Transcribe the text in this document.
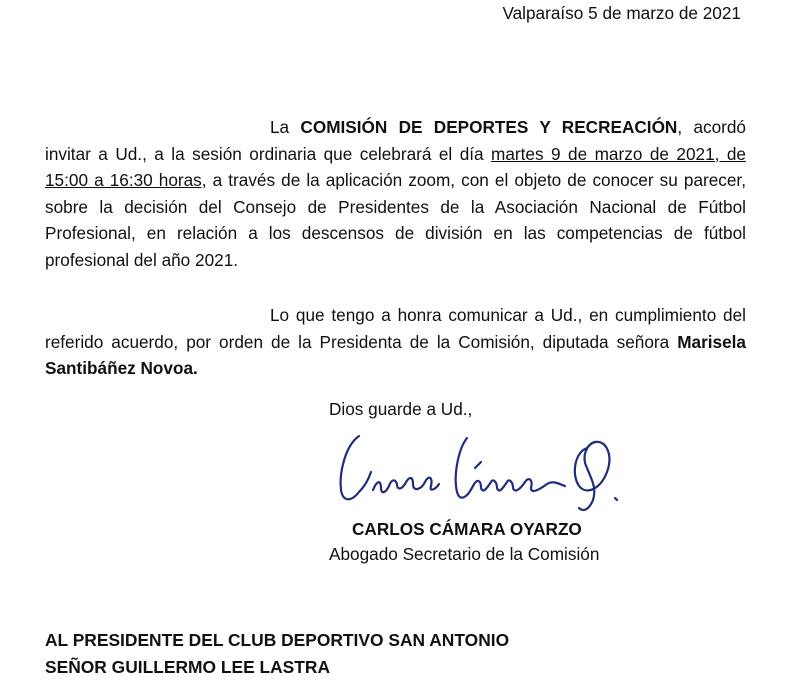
Valparaíso 5 de marzo de 2021
La COMISIÓN DE DEPORTES Y RECREACIÓN, acordó invitar a Ud., a la sesión ordinaria que celebrará el día martes 9 de marzo de 2021, de 15:00 a 16:30 horas, a través de la aplicación zoom, con el objeto de conocer su parecer, sobre la decisión del Consejo de Presidentes de la Asociación Nacional de Fútbol Profesional, en relación a los descensos de división en las competencias de fútbol profesional del año 2021.
Lo que tengo a honra comunicar a Ud., en cumplimiento del referido acuerdo, por orden de la Presidenta de la Comisión, diputada señora Marisela Santibáñez Novoa.
Dios guarde a Ud.,
CARLOS CÁMARA OYARZO
Abogado Secretario de la Comisión
AL PRESIDENTE DEL CLUB DEPORTIVO SAN ANTONIO
SEÑOR GUILLERMO LEE LASTRA
